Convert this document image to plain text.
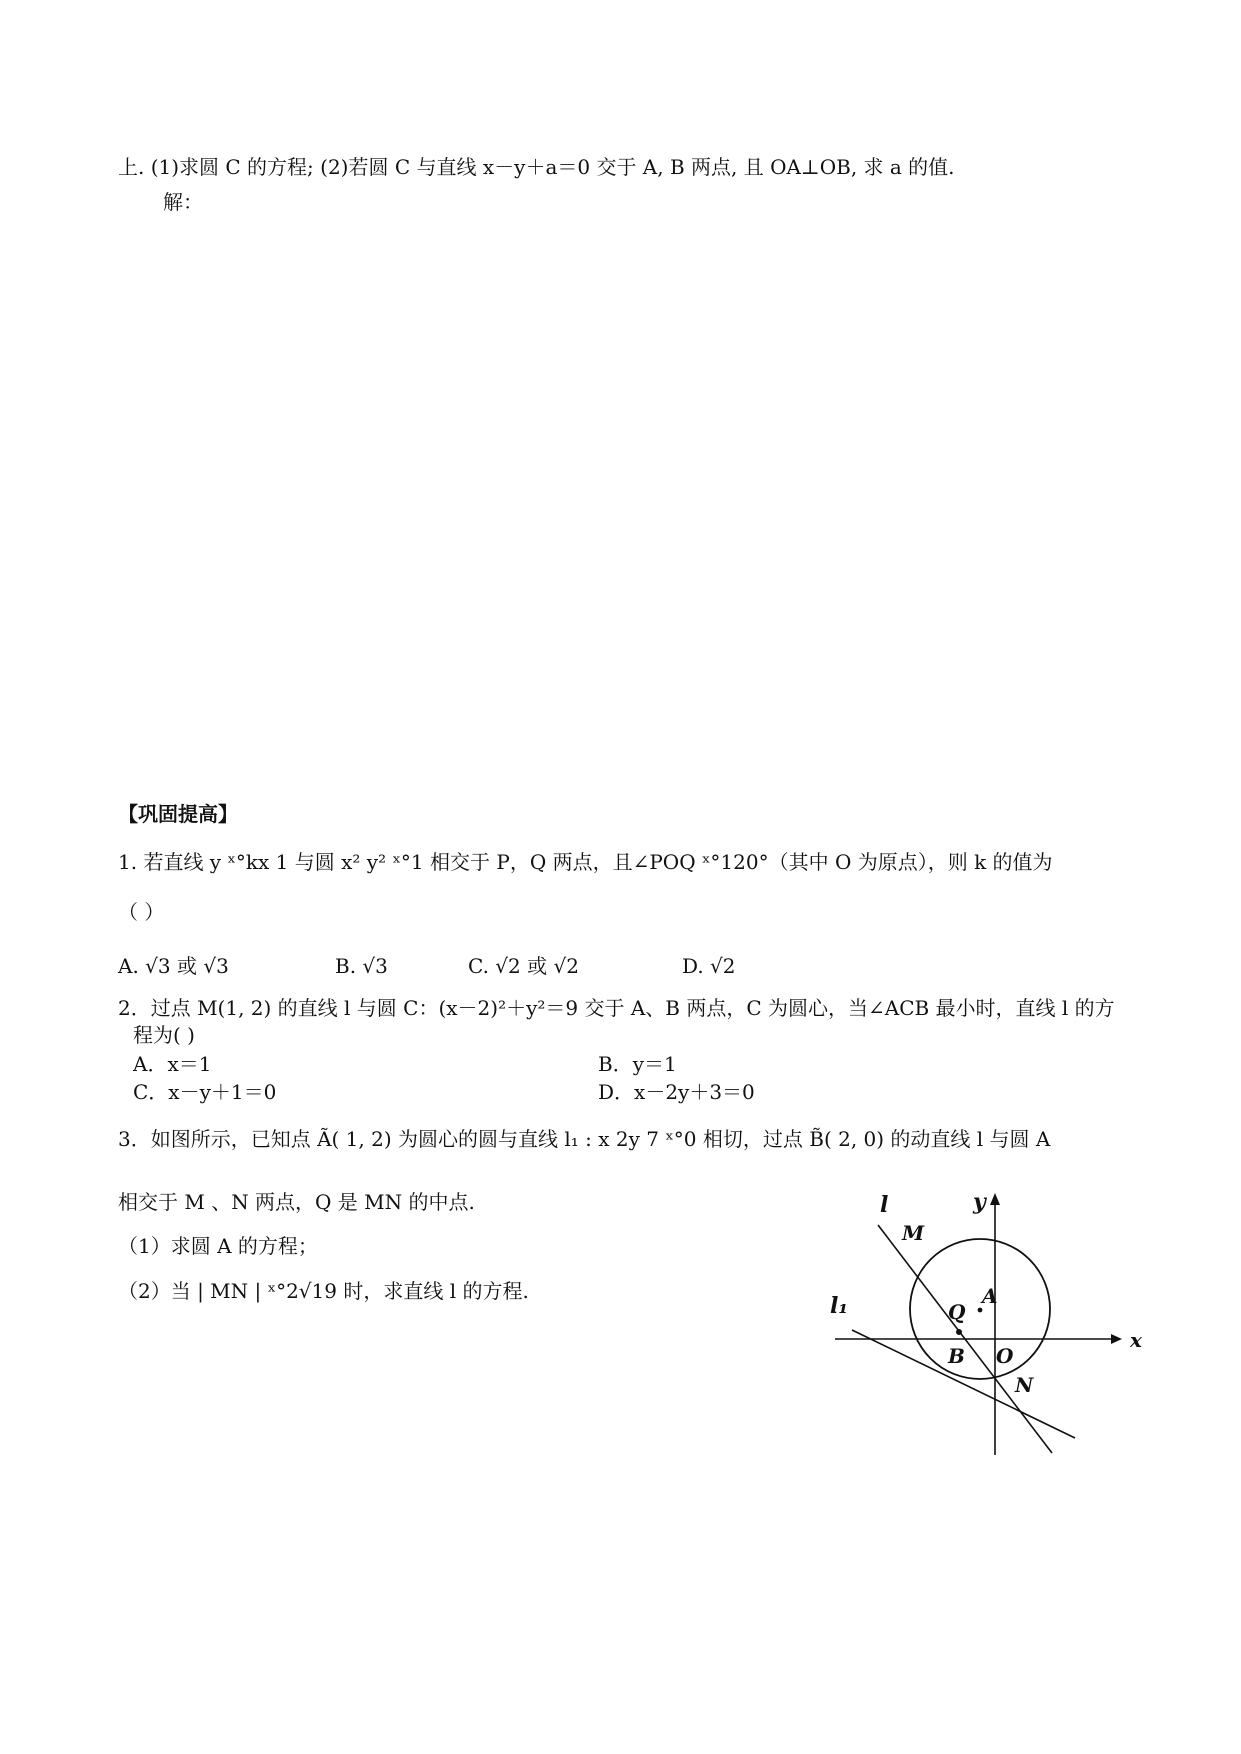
上. (1)求圆 C 的方程; (2)若圆 C 与直线 x－y＋a＝0 交于 A, B 两点, 且 OA⊥OB, 求 a 的值.
解：
【巩固提高】
1. 若直线 y ˣ°kx 1 与圆 x² y² ˣ°1 相交于 P，Q 两点，且∠POQ ˣ°120°（其中 O 为原点），则 k 的值为
（ ）
A. √3 或 √3	B. √3	C. √2 或 √2	D. √2
2．过点 M(1, 2) 的直线 l 与圆 C：(x－2)²＋y²＝9 交于 A、B 两点，C 为圆心，当∠ACB 最小时，直线 l 的方
程为( )
A．x＝1	B．y＝1
C．x－y＋1＝0	D．x－2y＋3＝0
3．如图所示，已知点 Ã( 1, 2) 为圆心的圆与直线 l₁ : x 2y 7 ˣ°0 相切，过点 B̃( 2, 0) 的动直线 l 与圆 A
相交于 M 、N 两点，Q 是 MN 的中点.
（1）求圆 A 的方程；
（2）当 | MN | ˣ°2√19 时，求直线 l 的方程.
y
x
l
M
Q
A
l₁
B O
N
